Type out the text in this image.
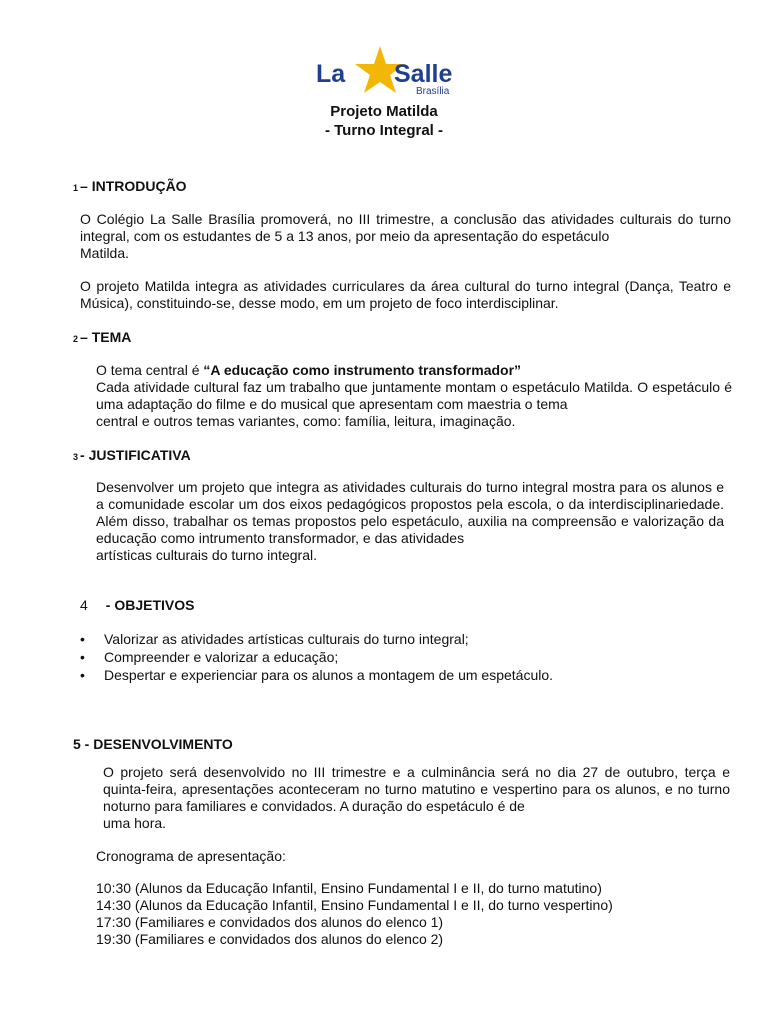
La Salle
Brasília
Projeto Matilda
- Turno Integral -
1 – INTRODUÇÃO
O Colégio La Salle Brasília promoverá, no III trimestre, a conclusão das atividades culturais do turno integral, com os estudantes de 5 a 13 anos, por meio da apresentação do espetáculo
Matilda.
O projeto Matilda integra as atividades curriculares da área cultural do turno integral (Dança, Teatro e Música), constituindo-se, desse modo, em um projeto de foco interdisciplinar.
2 – TEMA
O tema central é “A educação como instrumento transformador”
Cada atividade cultural faz um trabalho que juntamente montam o espetáculo Matilda. O espetáculo é uma adaptação do filme e do musical que apresentam com maestria o tema
central e outros temas variantes, como: família, leitura, imaginação.
3 - JUSTIFICATIVA
Desenvolver um projeto que integra as atividades culturais do turno integral mostra para os alunos e a comunidade escolar um dos eixos pedagógicos propostos pela escola, o da interdisciplinariedade. Além disso, trabalhar os temas propostos pelo espetáculo, auxilia na compreensão e valorização da educação como intrumento transformador, e das atividades
artísticas culturais do turno integral.
4 - OBJETIVOS
• Valorizar as atividades artísticas culturais do turno integral;
• Compreender e valorizar a educação;
• Despertar e experienciar para os alunos a montagem de um espetáculo.
5 - DESENVOLVIMENTO
O projeto será desenvolvido no III trimestre e a culminância será no dia 27 de outubro, terça e quinta-feira, apresentações aconteceram no turno matutino e vespertino para os alunos, e no turno noturno para familiares e convidados. A duração do espetáculo é de
uma hora.
Cronograma de apresentação:
10:30 (Alunos da Educação Infantil, Ensino Fundamental I e II, do turno matutino)
14:30 (Alunos da Educação Infantil, Ensino Fundamental I e II, do turno vespertino)
17:30 (Familiares e convidados dos alunos do elenco 1)
19:30 (Familiares e convidados dos alunos do elenco 2)
